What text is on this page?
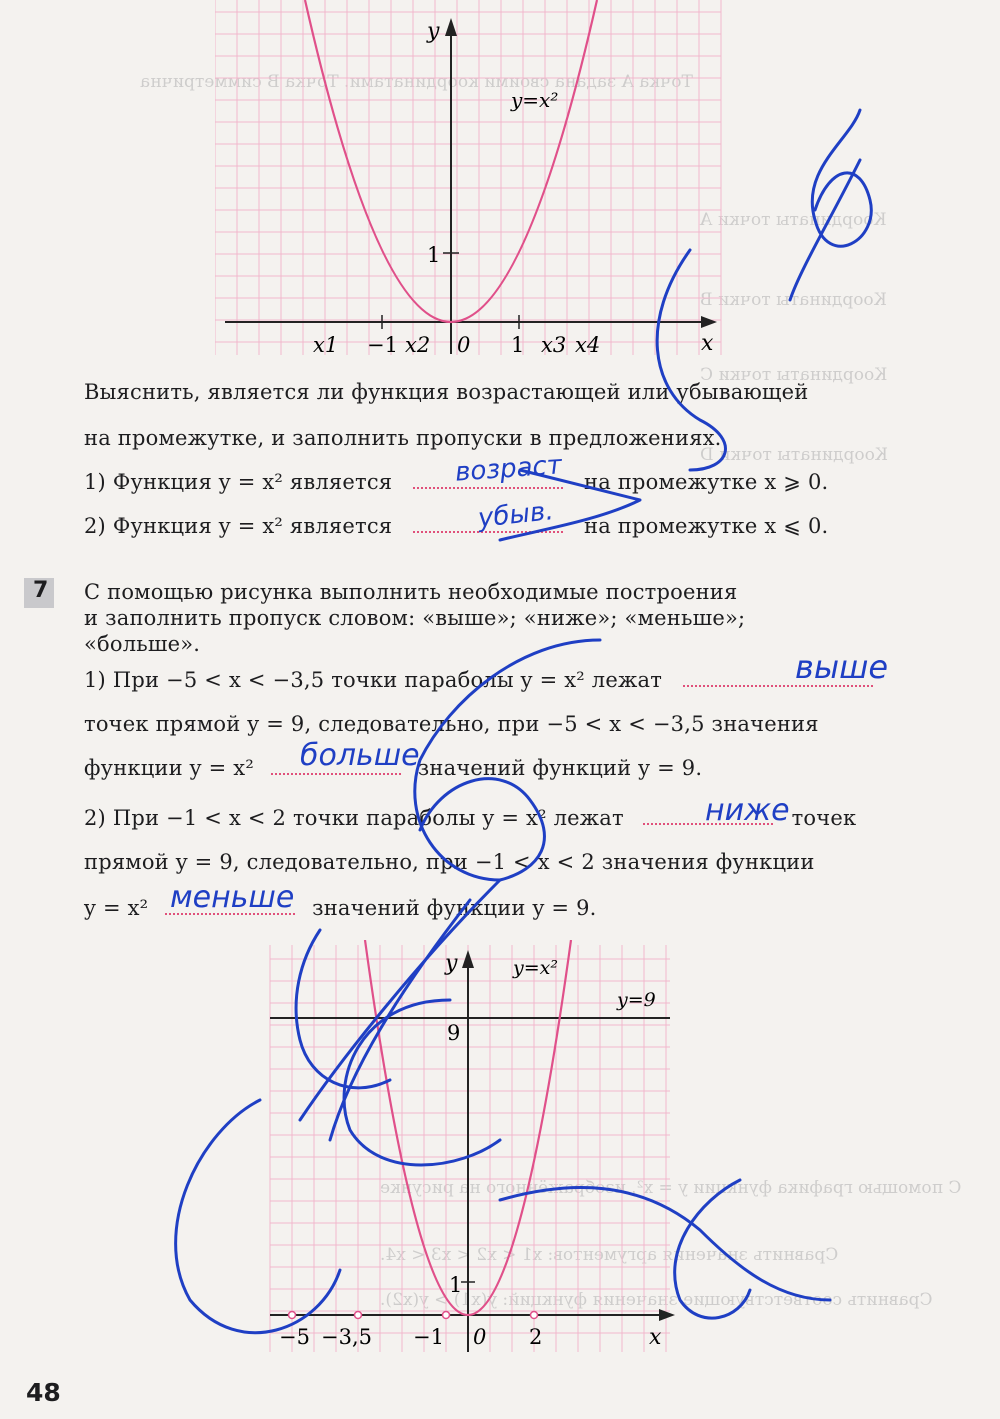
Точка A задана своими координатами. Точка B симметрична
Координаты точки A
Координаты точки B
Координаты точки C
Координаты точки D
С помощью графика функции y = x², изображённого на рисунке
Сравнить значения аргументов: x1 < x2 < x3 < x4.
Сравнить соответствующие значения функций: y(x1) > y(x2).
y
x
y=x²
1
x1 −1 x2 0 1 x3 x4
Выяснить, является ли функция возрастающей или убывающей
на промежутке, и заполнить пропуски в предложениях.
1) Функция y = x² является	на промежутке x ⩾ 0.
2) Функция y = x² является	на промежутке x ⩽ 0.
7 С помощью рисунка выполнить необходимые построения
и заполнить пропуск словом: «выше»; «ниже»; «меньше»;
«больше».
1) При −5 < x < −3,5 точки параболы y = x² лежат
точек прямой y = 9, следовательно, при −5 < x < −3,5 значения
функции y = x²	значений функций y = 9.
2) При −1 < x < 2 точки параболы y = x² лежат	точек
прямой y = 9, следовательно, при −1 < x < 2 значения функции
y = x²	значений функции y = 9.
y
x
y=x²
y=9
9
1
−5 −3,5 −1 0 2
возраст
убыв.
выше
больше
ниже
меньше
48
